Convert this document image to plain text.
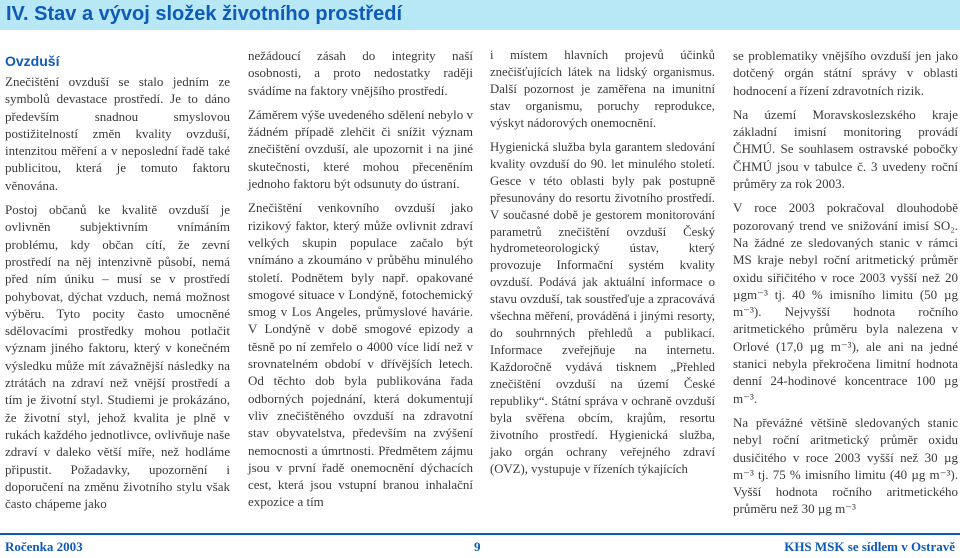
IV. Stav a vývoj složek životního prostředí
Ovzduší

Znečištění ovzduší se stalo jedním ze symbolů devastace prostředí. Je to dáno především snadnou smyslovou postižitelností změn kvality ovzduší, intenzitou měření a v neposlední řadě také publicitou, která je tomuto faktoru věnována.

Postoj občanů ke kvalitě ovzduší je ovlivněn subjektivním vnímáním problému, kdy občan cítí, že zevní prostředí na něj intenzivně působí, nemá před ním úniku – musí se v prostředí pohybovat, dýchat vzduch, nemá možnost výběru. Tyto pocity často umocněné sdělovacími prostředky mohou potlačit význam jiného faktoru, který v konečném výsledku může mít závažnější následky na ztrátách na zdraví než vnější prostředí a tím je životní styl. Studiemi je prokázáno, že životní styl, jehož kvalita je plně v rukách každého jednotlivce, ovlivňuje naše zdraví v daleko větší míře, než hodláme připustit. Požadavky, upozornění i doporučení na změnu životního stylu však často chápeme jako

nežádoucí zásah do integrity naší osobnosti, a proto nedostatky raději svádíme na faktory vnějšího prostředí.

Záměrem výše uvedeného sdělení nebylo v žádném případě zlehčit či snížit význam znečištění ovzduší, ale upozornit i na jiné skutečnosti, které mohou přeceněním jednoho faktoru být odsunuty do ústraní.

Znečištění venkovního ovzduší jako rizikový faktor, který může ovlivnit zdraví velkých skupin populace začalo být vnímáno a zkoumáno v průběhu minulého století. Podnětem byly např. opakované smogové situace v Londýně, fotochemický smog v Los Angeles, průmyslové havárie. V Londýně v době smogové epizody a těsně po ní zemřelo o 4000 více lidí než v srovnatelném období v dřívějších letech. Od těchto dob byla publikována řada odborných pojednání, která dokumentují vliv znečištěného ovzduší na zdravotní stav obyvatelstva, především na zvýšení nemocnosti a úmrtnosti. Předmětem zájmu jsou v první řadě onemocnění dýchacích cest, která jsou vstupní branou inhalační expozice a tím

i místem hlavních projevů účinků znečišťujících látek na lidský organismus. Další pozornost je zaměřena na imunitní stav organismu, poruchy reprodukce, výskyt nádorových onemocnění.

Hygienická služba byla garantem sledování kvality ovzduší do 90. let minulého století. Gesce v této oblasti byly pak postupně přesunovány do resortu životního prostředí. V současné době je gestorem monitorování parametrů znečištění ovzduší Český hydrometeorologický ústav, který provozuje Informační systém kvality ovzduší. Podává jak aktuální informace o stavu ovzduší, tak soustřeďuje a zpracovává všechna měření, prováděná i jinými resorty, do souhrnných přehledů a publikací. Informace zveřejňuje na internetu. Každoročně vydává tisknem „Přehled znečištění ovzduší na území České republiky“. Státní správa v ochraně ovzduší byla svěřena obcím, krajům, resortu životního prostředí. Hygienická služba, jako orgán ochrany veřejného zdraví (OVZ), vystupuje v řízeních týkajících

se problematiky vnějšího ovzduší jen jako dotčený orgán státní správy v oblasti hodnocení a řízení zdravotních rizik.

Na území Moravskoslezského kraje základní imisní monitoring provádí ČHMÚ. Se souhlasem ostravské pobočky ČHMÚ jsou v tabulce č. 3 uvedeny roční průměry za rok 2003.

V roce 2003 pokračoval dlouhodobě pozorovaný trend ve snižování imisí SO₂. Na žádné ze sledovaných stanic v rámci MS kraje nebyl roční aritmetický průměr oxidu siřičitého v roce 2003 vyšší než 20 µgm⁻³ tj. 40 % imisního limitu (50 µg m⁻³). Nejvyšší hodnota ročního aritmetického průměru byla nalezena v Orlové (17,0 µg m⁻³), ale ani na jedné stanici nebyla překročena limitní hodnota denní 24-hodinové koncentrace 100 µg m⁻³.

Na převážné většině sledovaných stanic nebyl roční aritmetický průměr oxidu dusičitého v roce 2003 vyšší než 30 µg m⁻³ tj. 75 % imisního limitu (40 µg m⁻³). Vyšší hodnota ročního aritmetického průměru než 30 µg m⁻³

Ročenka 2003	9	KHS MSK se sídlem v Ostravě
